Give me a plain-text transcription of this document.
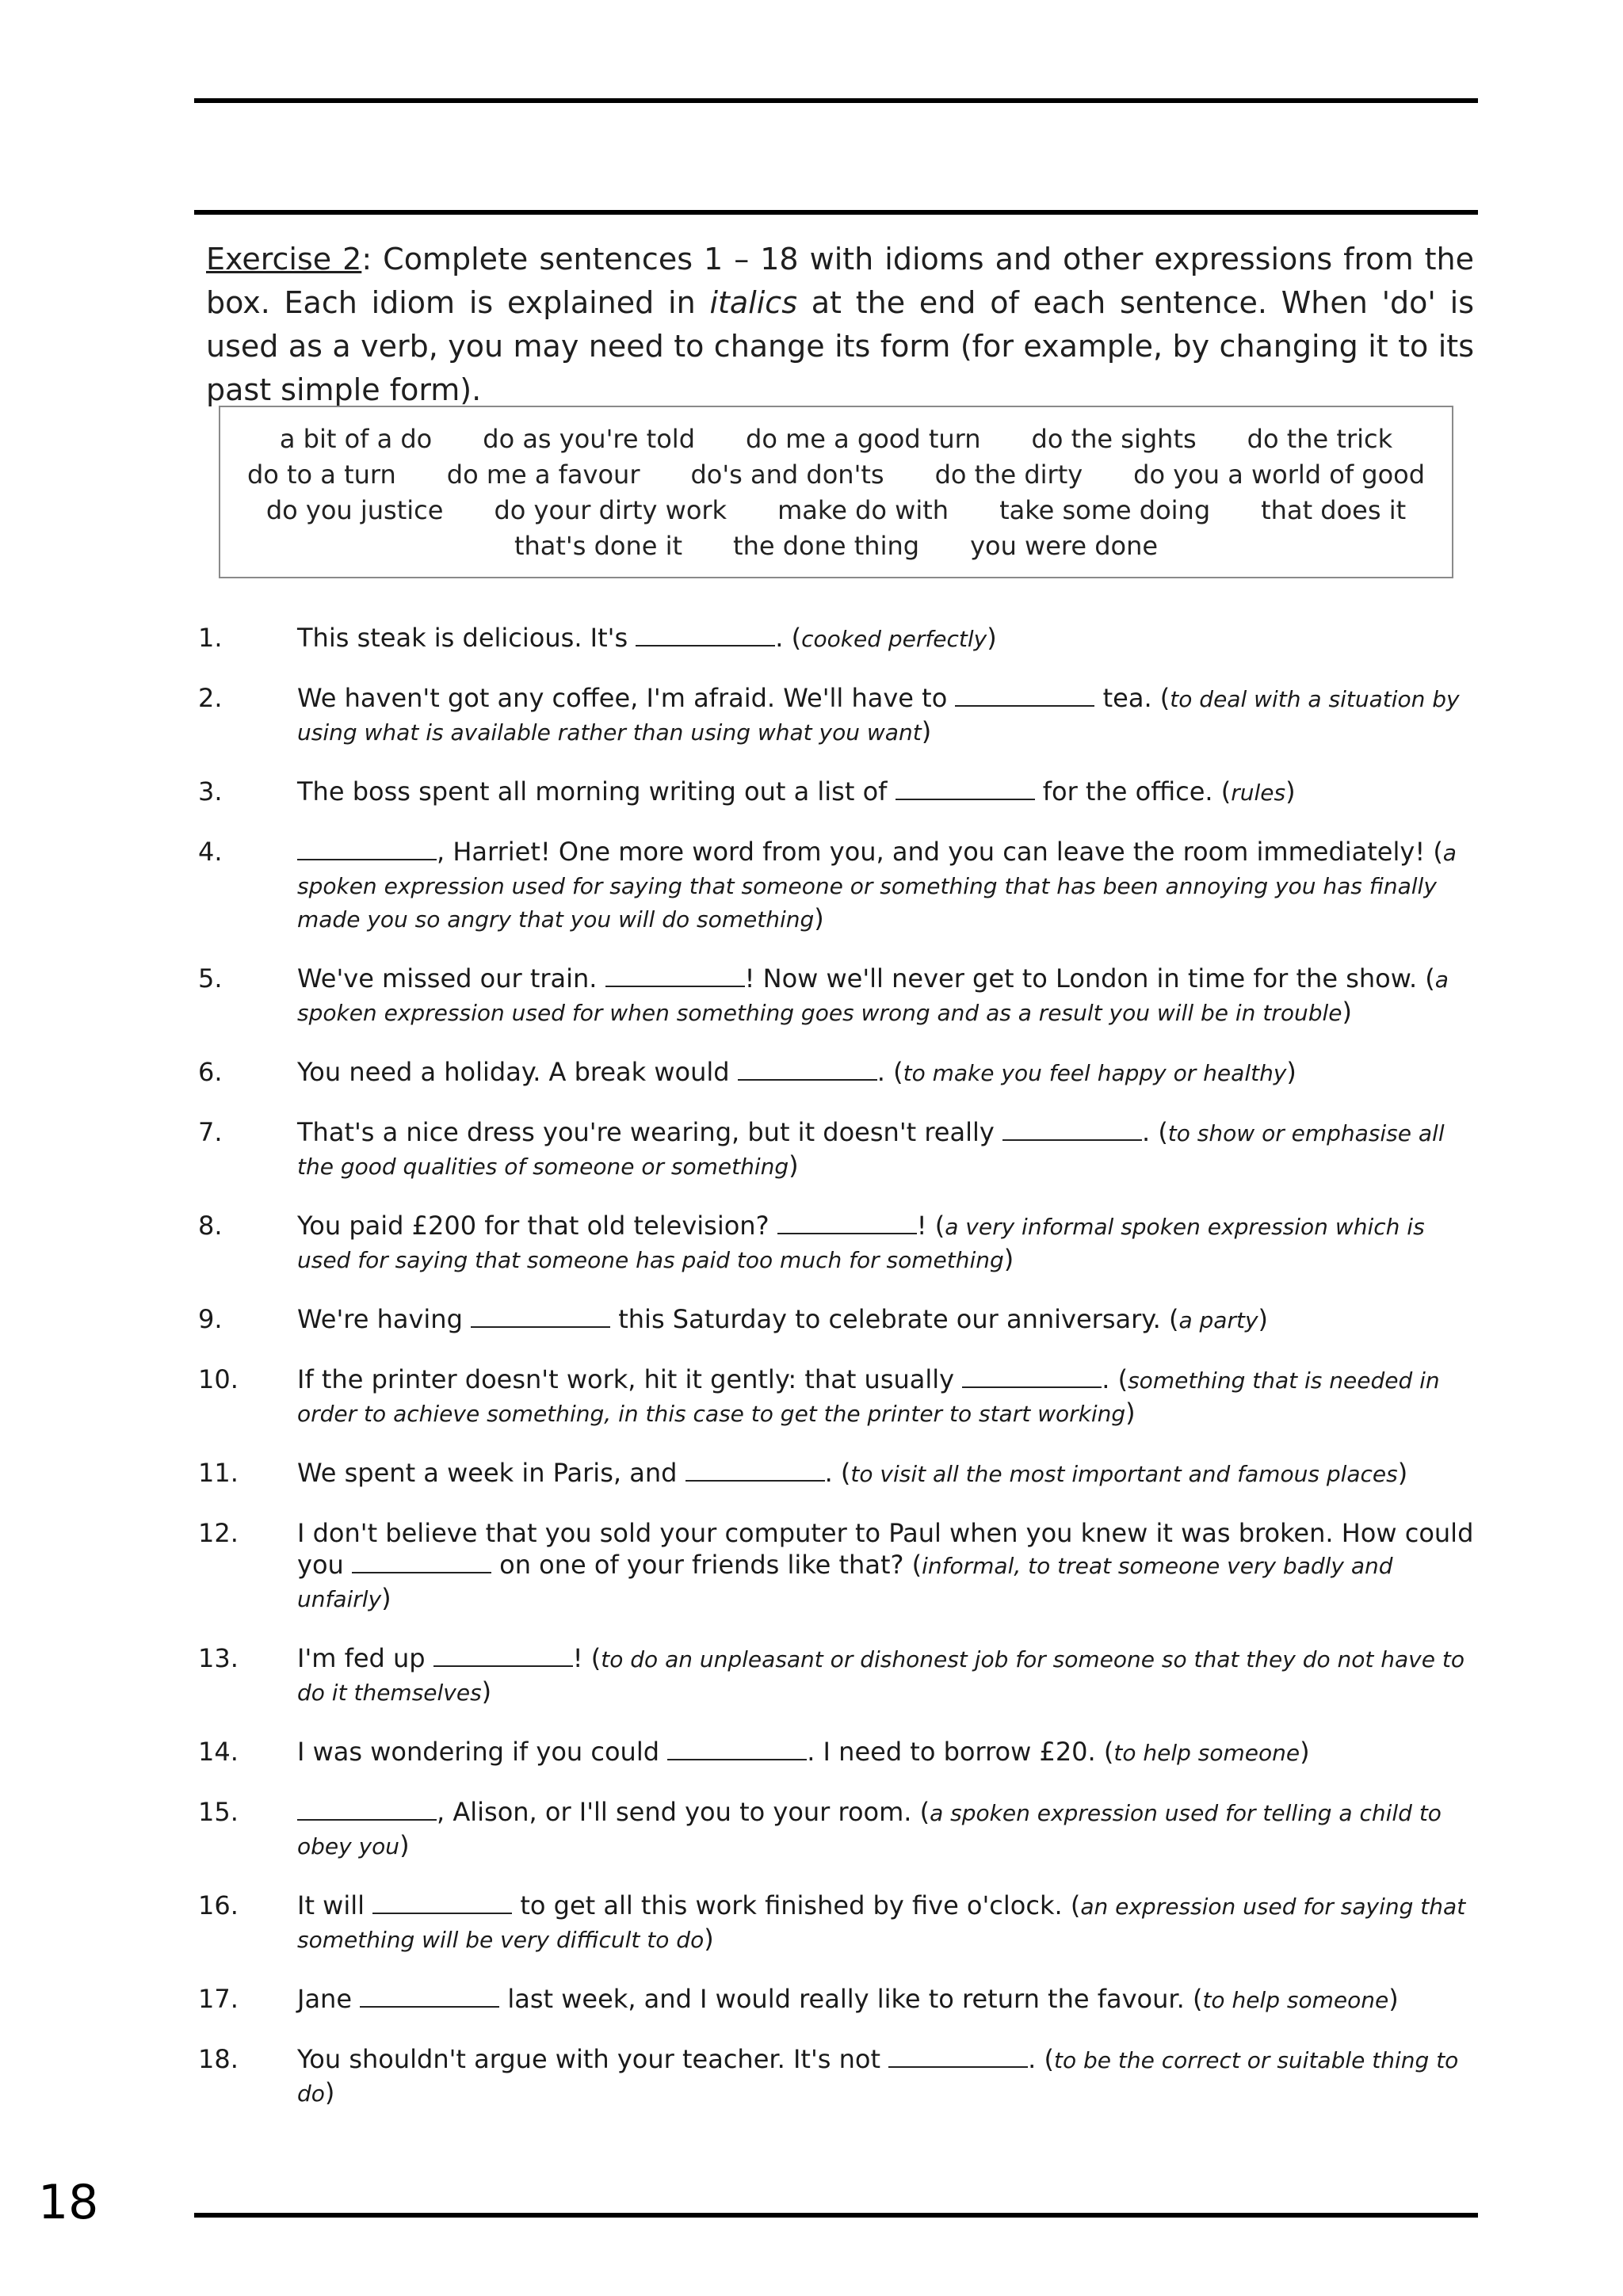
Exercise 2: Complete sentences 1 – 18 with idioms and other expressions from the box. Each idiom is explained in italics at the end of each sentence. When 'do' is used as a verb, you may need to change its form (for example, by changing it to its past simple form).
a bit of a do do as you're told do me a good turn do the sights do the trick
do to a turn do me a favour do's and don'ts do the dirty do you a world of good
do you justice do your dirty work make do with take some doing that does it
that's done it the done thing you were done
1.	This steak is delicious. It's	. (cooked perfectly)
2.	We haven't got any coffee, I'm afraid. We'll have to	tea. (to deal with a situation by using what is available rather than using what you want)
3.	The boss spent all morning writing out a list of	for the office. (rules)
4.	, Harriet! One more word from you, and you can leave the room immediately! (a spoken expression used for saying that someone or something that has been annoying you has finally made you so angry that you will do something)
5.	We've missed our train.	! Now we'll never get to London in time for the show. (a spoken expression used for when something goes wrong and as a result you will be in trouble)
6.	You need a holiday. A break would	. (to make you feel happy or healthy)
7.	That's a nice dress you're wearing, but it doesn't really	. (to show or emphasise all the good qualities of someone or something)
8.	You paid £200 for that old television?	! (a very informal spoken expression which is used for saying that someone has paid too much for something)
9.	We're having	this Saturday to celebrate our anniversary. (a party)
10. If the printer doesn't work, hit it gently: that usually	. (something that is needed in order to achieve something, in this case to get the printer to start working)
11. We spent a week in Paris, and	. (to visit all the most important and famous places)
12. I don't believe that you sold your computer to Paul when you knew it was broken. How could you	on one of your friends like that? (informal, to treat someone very badly and unfairly)
13. I'm fed up	! (to do an unpleasant or dishonest job for someone so that they do not have to do it themselves)
14. I was wondering if you could	. I need to borrow £20. (to help someone)
15.	, Alison, or I'll send you to your room. (a spoken expression used for telling a child to obey you)
16. It will	to get all this work finished by five o'clock. (an expression used for saying that something will be very difficult to do)
17. Jane	last week, and I would really like to return the favour. (to help someone)
18. You shouldn't argue with your teacher. It's not	. (to be the correct or suitable thing to do)
18
